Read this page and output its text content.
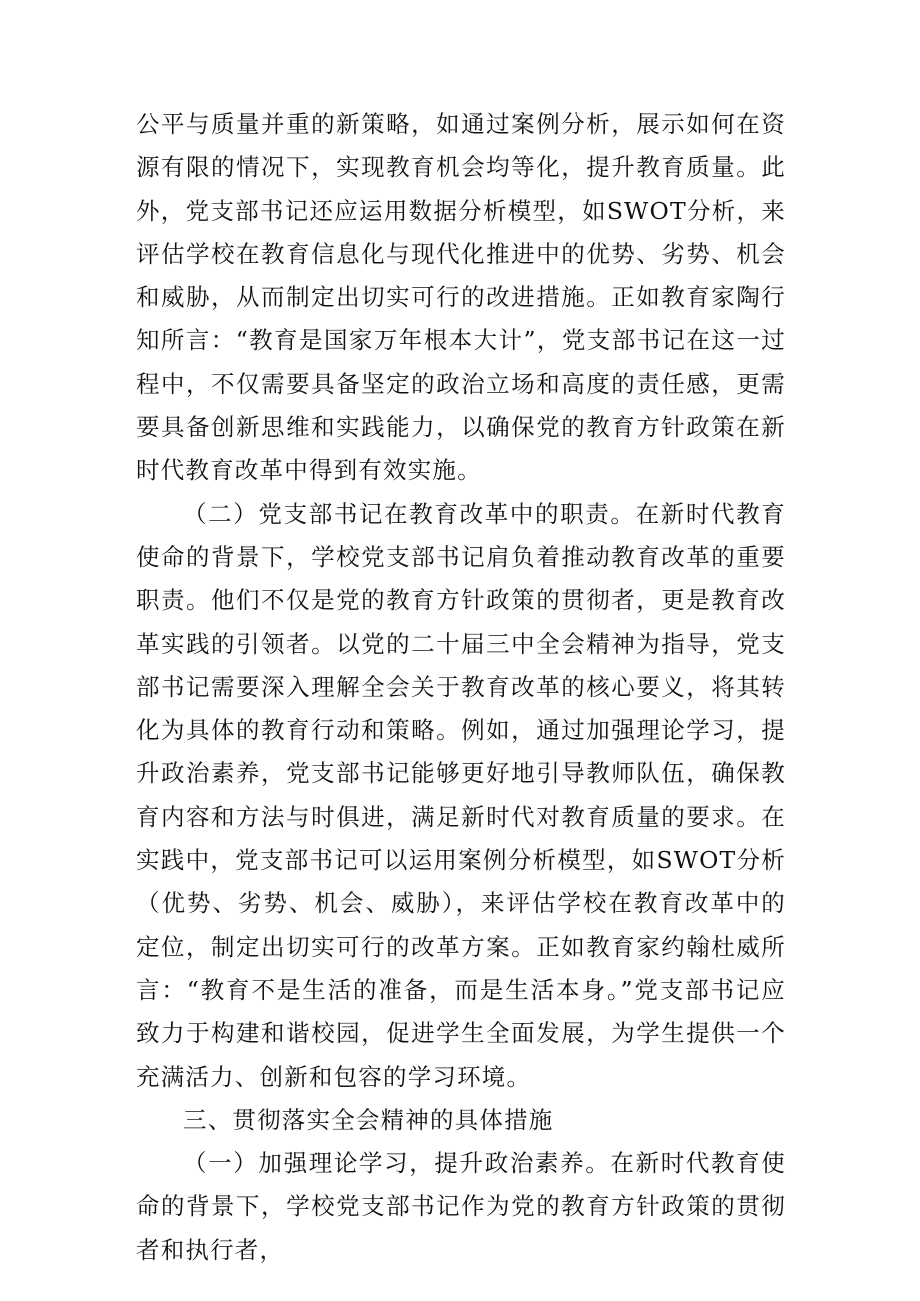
公平与质量并重的新策略，如通过案例分析，展示如何在资源有限的情况下，实现教育机会均等化，提升教育质量。此外，党支部书记还应运用数据分析模型，如SWOT分析，来评估学校在教育信息化与现代化推进中的优势、劣势、机会和威胁，从而制定出切实可行的改进措施。正如教育家陶行知所言：“教育是国家万年根本大计”，党支部书记在这一过程中，不仅需要具备坚定的政治立场和高度的责任感，更需要具备创新思维和实践能力，以确保党的教育方针政策在新时代教育改革中得到有效实施。

（二）党支部书记在教育改革中的职责。在新时代教育使命的背景下，学校党支部书记肩负着推动教育改革的重要职责。他们不仅是党的教育方针政策的贯彻者，更是教育改革实践的引领者。以党的二十届三中全会精神为指导，党支部书记需要深入理解全会关于教育改革的核心要义，将其转化为具体的教育行动和策略。例如，通过加强理论学习，提升政治素养，党支部书记能够更好地引导教师队伍，确保教育内容和方法与时俱进，满足新时代对教育质量的要求。在实践中，党支部书记可以运用案例分析模型，如SWOT分析（优势、劣势、机会、威胁），来评估学校在教育改革中的定位，制定出切实可行的改革方案。正如教育家约翰杜威所言：“教育不是生活的准备，而是生活本身。”党支部书记应致力于构建和谐校园，促进学生全面发展，为学生提供一个充满活力、创新和包容的学习环境。

三、贯彻落实全会精神的具体措施

（一）加强理论学习，提升政治素养。在新时代教育使命的背景下，学校党支部书记作为党的教育方针政策的贯彻者和执行者，
